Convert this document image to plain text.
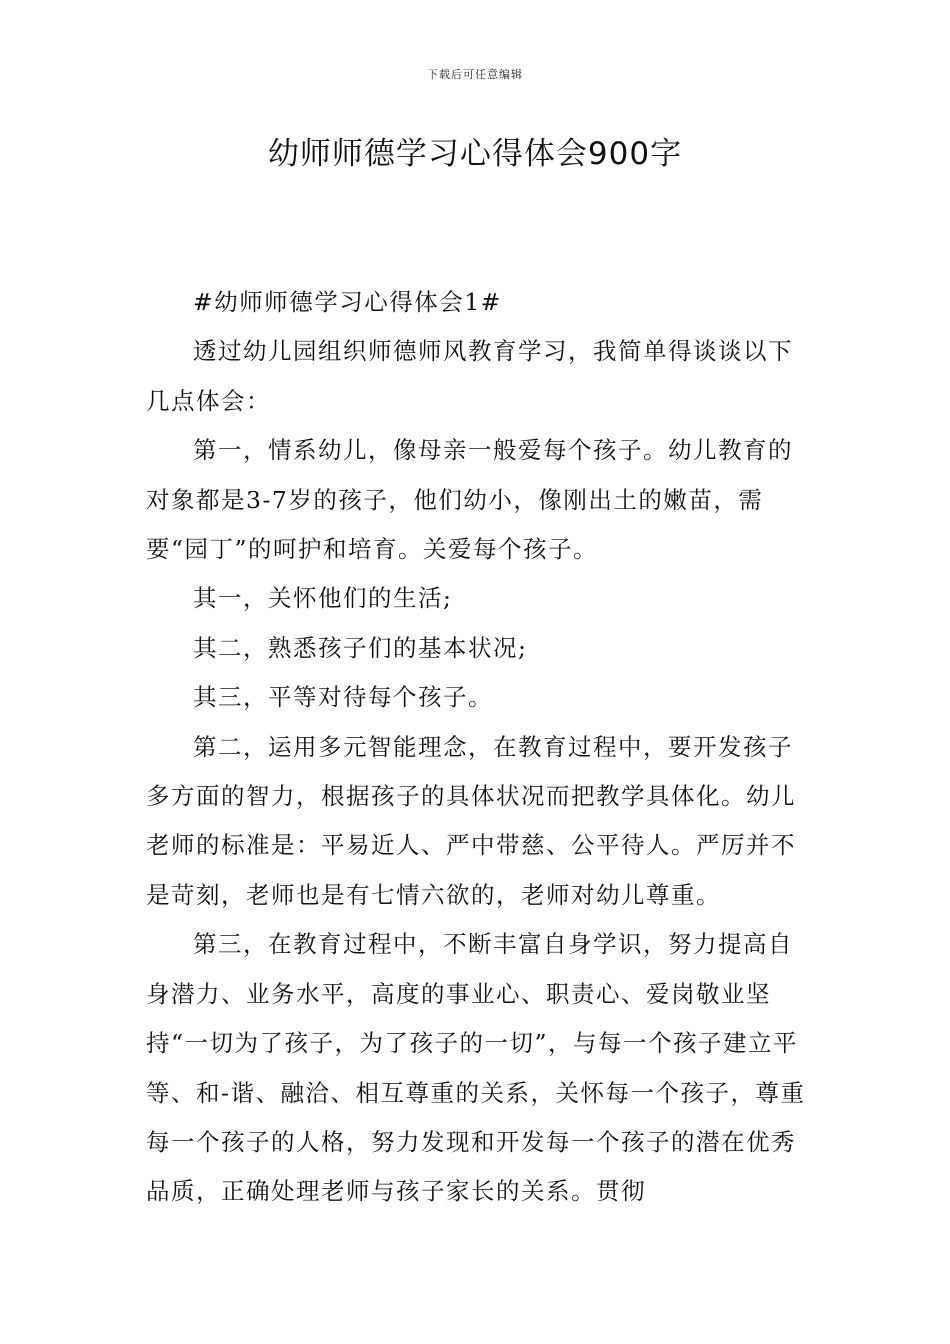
下载后可任意编辑
幼师师德学习心得体会900字

#幼师师德学习心得体会1#

透过幼儿园组织师德师风教育学习，我简单得谈谈以下几点体会：

第一，情系幼儿，像母亲一般爱每个孩子。幼儿教育的对象都是3-7岁的孩子，他们幼小，像刚出土的嫩苗，需要“园丁”的呵护和培育。关爱每个孩子。

其一，关怀他们的生活;

其二，熟悉孩子们的基本状况;

其三，平等对待每个孩子。

第二，运用多元智能理念，在教育过程中，要开发孩子多方面的智力，根据孩子的具体状况而把教学具体化。幼儿老师的标准是：平易近人、严中带慈、公平待人。严厉并不是苛刻，老师也是有七情六欲的，老师对幼儿尊重。

第三，在教育过程中，不断丰富自身学识，努力提高自身潜力、业务水平，高度的事业心、职责心、爱岗敬业坚持“一切为了孩子，为了孩子的一切”，与每一个孩子建立平等、和-谐、融洽、相互尊重的关系，关怀每一个孩子，尊重每一个孩子的人格，努力发现和开发每一个孩子的潜在优秀品质，正确处理老师与孩子家长的关系。贯彻
